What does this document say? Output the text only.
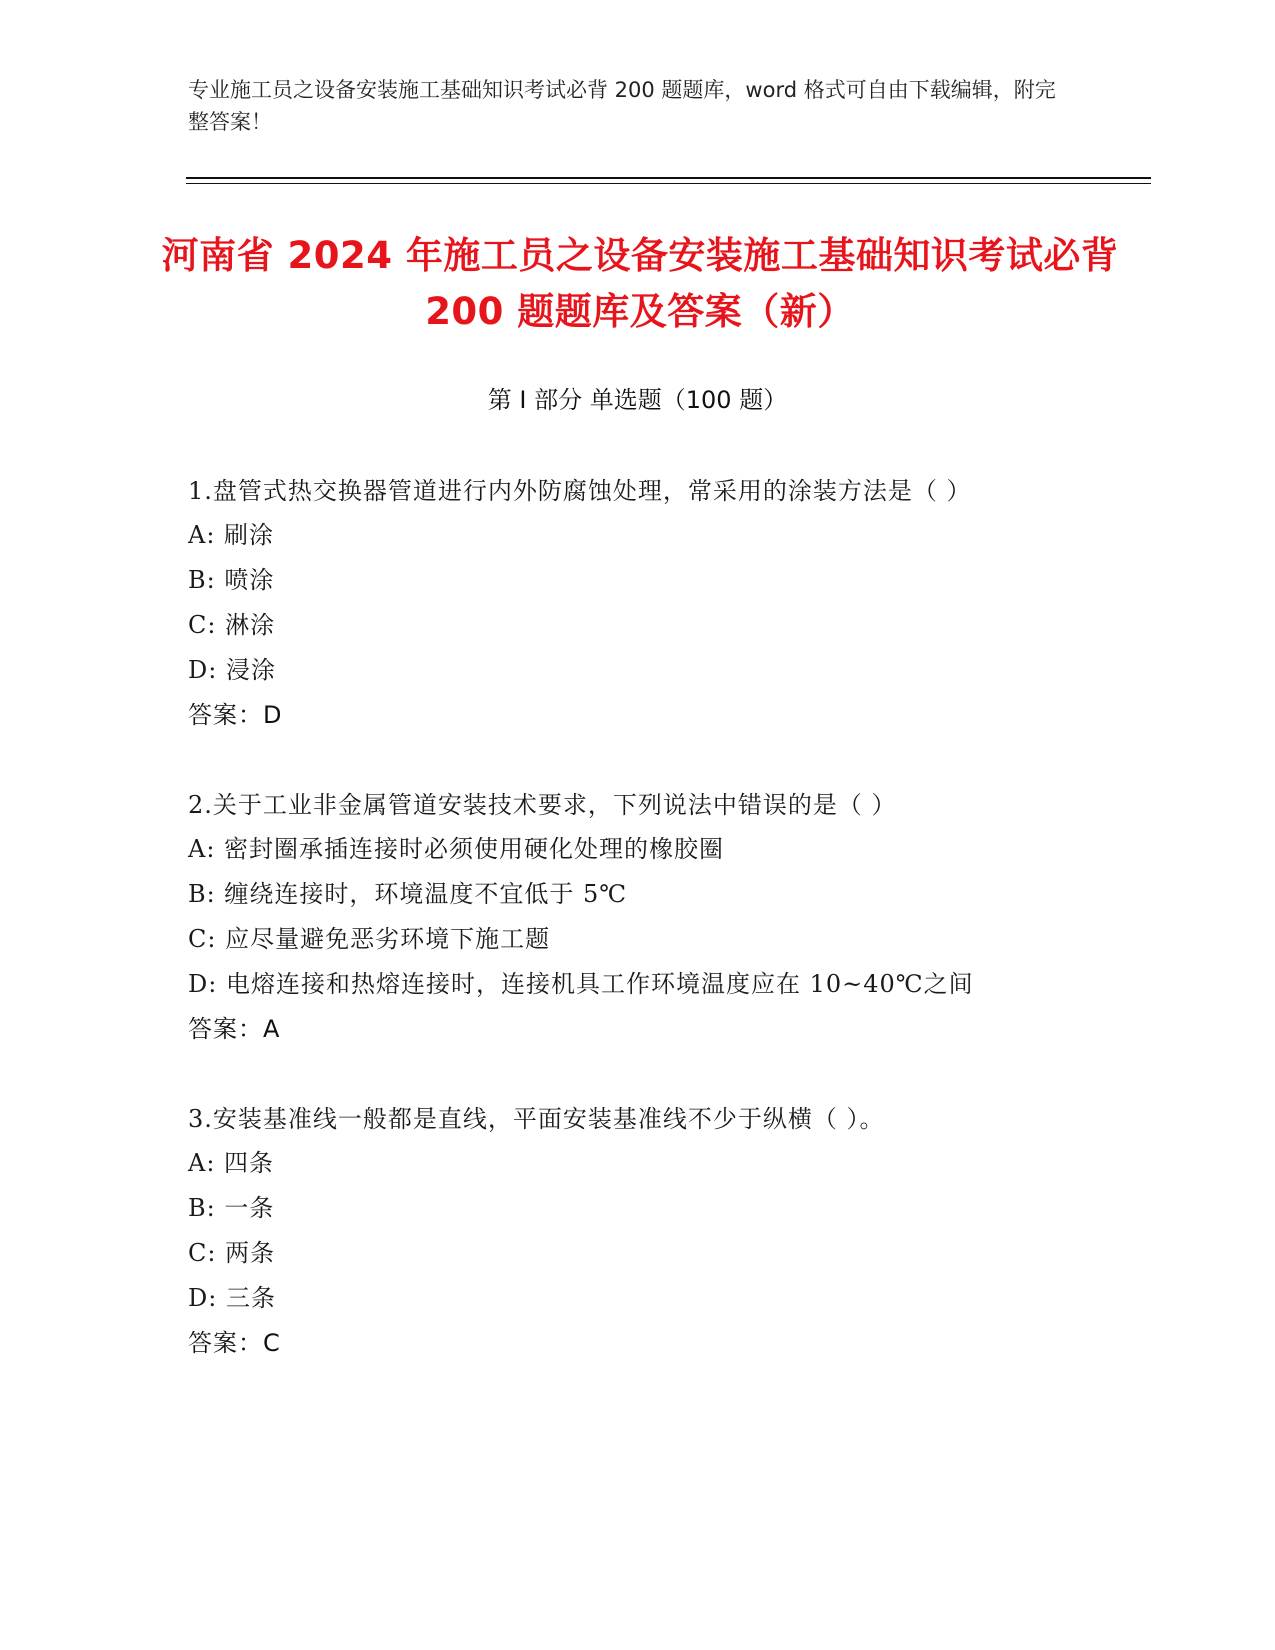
专业施工员之设备安装施工基础知识考试必背 200 题题库，word 格式可自由下载编辑，附完整答案！
河南省 2024 年施工员之设备安装施工基础知识考试必背 200 题题库及答案（新）
第 I 部分 单选题（100 题）
1.盘管式热交换器管道进行内外防腐蚀处理，常采用的涂装方法是（ ）
A: 刷涂
B: 喷涂
C: 淋涂
D: 浸涂
答案：D
2.关于工业非金属管道安装技术要求，下列说法中错误的是（ ）
A: 密封圈承插连接时必须使用硬化处理的橡胶圈
B: 缠绕连接时，环境温度不宜低于 5℃
C: 应尽量避免恶劣环境下施工题
D: 电熔连接和热熔连接时，连接机具工作环境温度应在 10~40℃之间
答案：A
3.安装基准线一般都是直线，平面安装基准线不少于纵横（ ）。
A: 四条
B: 一条
C: 两条
D: 三条
答案：C
